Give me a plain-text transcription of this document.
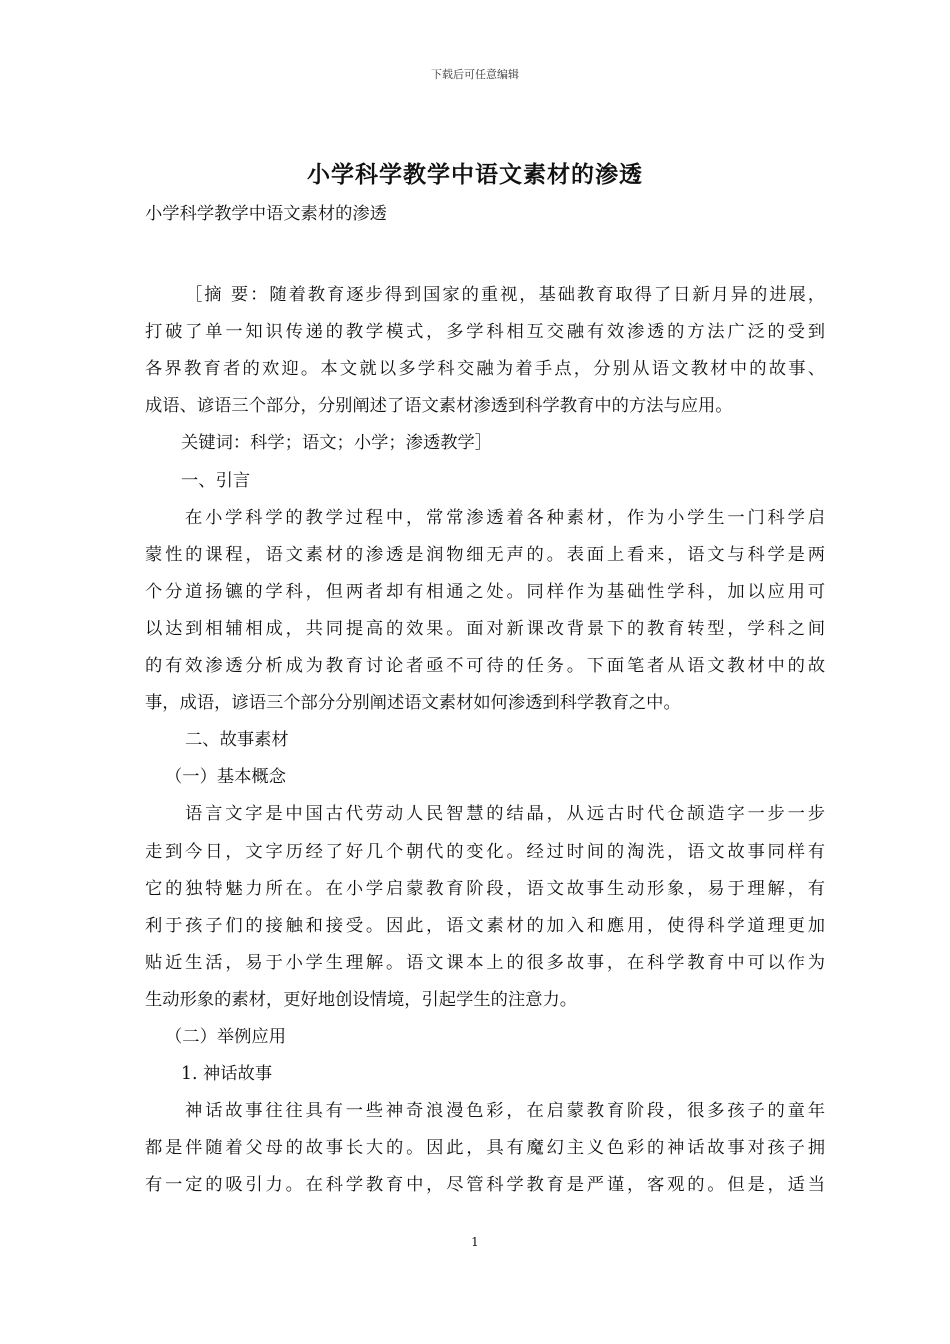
下载后可任意编辑
小学科学教学中语文素材的渗透
小学科学教学中语文素材的渗透
［摘 要：随着教育逐步得到国家的重视，基础教育取得了日新月异的进展，
打破了单一知识传递的教学模式，多学科相互交融有效渗透的方法广泛的受到
各界教育者的欢迎。本文就以多学科交融为着手点，分别从语文教材中的故事、
成语、谚语三个部分，分别阐述了语文素材渗透到科学教育中的方法与应用。
关键词：科学；语文；小学；渗透教学］
一、引言
在小学科学的教学过程中，常常渗透着各种素材，作为小学生一门科学启
蒙性的课程，语文素材的渗透是润物细无声的。表面上看来，语文与科学是两
个分道扬镳的学科，但两者却有相通之处。同样作为基础性学科，加以应用可
以达到相辅相成，共同提高的效果。面对新课改背景下的教育转型，学科之间
的有效渗透分析成为教育讨论者亟不可待的任务。下面笔者从语文教材中的故
事，成语，谚语三个部分分别阐述语文素材如何渗透到科学教育之中。
二、故事素材
（一）基本概念
语言文字是中国古代劳动人民智慧的结晶，从远古时代仓颉造字一步一步
走到今日，文字历经了好几个朝代的变化。经过时间的淘洗，语文故事同样有
它的独特魅力所在。在小学启蒙教育阶段，语文故事生动形象，易于理解，有
利于孩子们的接触和接受。因此，语文素材的加入和應用，使得科学道理更加
贴近生活，易于小学生理解。语文课本上的很多故事，在科学教育中可以作为
生动形象的素材，更好地创设情境，引起学生的注意力。
（二）举例应用
1. 神话故事
神话故事往往具有一些神奇浪漫色彩，在启蒙教育阶段，很多孩子的童年
都是伴随着父母的故事长大的。因此，具有魔幻主义色彩的神话故事对孩子拥
有一定的吸引力。在科学教育中，尽管科学教育是严谨，客观的。但是，适当
1
